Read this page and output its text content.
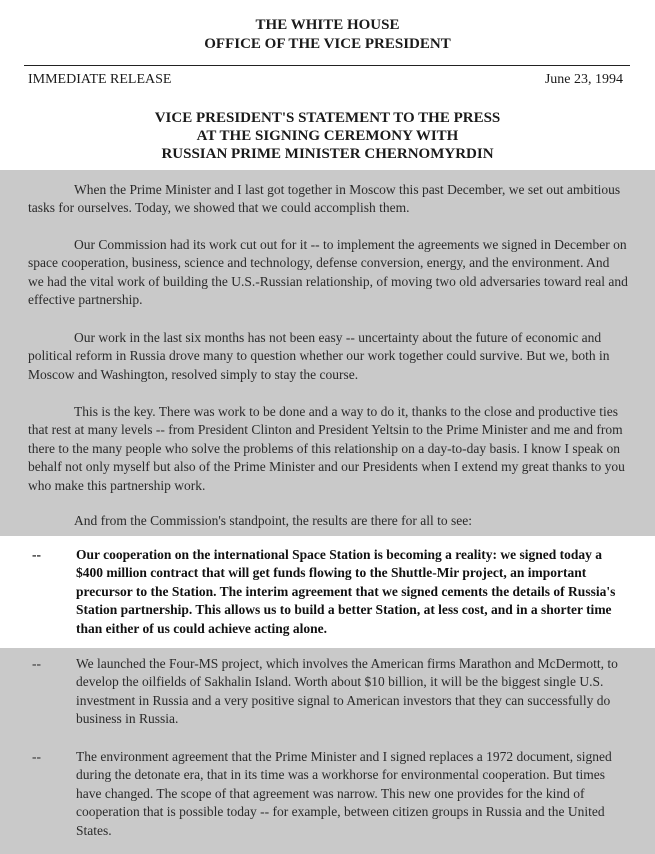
THE WHITE HOUSE
OFFICE OF THE VICE PRESIDENT
IMMEDIATE RELEASE	June 23, 1994
VICE PRESIDENT'S STATEMENT TO THE PRESS
AT THE SIGNING CEREMONY WITH
RUSSIAN PRIME MINISTER CHERNOMYRDIN
When the Prime Minister and I last got together in Moscow this past December, we set out ambitious tasks for ourselves. Today, we showed that we could accomplish them.
Our Commission had its work cut out for it -- to implement the agreements we signed in December on space cooperation, business, science and technology, defense conversion, energy, and the environment. And we had the vital work of building the U.S.-Russian relationship, of moving two old adversaries toward real and effective partnership.
Our work in the last six months has not been easy -- uncertainty about the future of economic and political reform in Russia drove many to question whether our work together could survive. But we, both in Moscow and Washington, resolved simply to stay the course.
This is the key. There was work to be done and a way to do it, thanks to the close and productive ties that rest at many levels -- from President Clinton and President Yeltsin to the Prime Minister and me and from there to the many people who solve the problems of this relationship on a day-to-day basis. I know I speak on behalf not only myself but also of the Prime Minister and our Presidents when I extend my great thanks to you who make this partnership work.
And from the Commission's standpoint, the results are there for all to see:
--	Our cooperation on the international Space Station is becoming a reality: we signed today a $400 million contract that will get funds flowing to the Shuttle-Mir project, an important precursor to the Station. The interim agreement that we signed cements the details of Russia's Station partnership. This allows us to build a better Station, at less cost, and in a shorter time than either of us could achieve acting alone.
--	We launched the Four-MS project, which involves the American firms Marathon and McDermott, to develop the oilfields of Sakhalin Island. Worth about $10 billion, it will be the biggest single U.S. investment in Russia and a very positive signal to American investors that they can successfully do business in Russia.
--	The environment agreement that the Prime Minister and I signed replaces a 1972 document, signed during the detonate era, that in its time was a workhorse for environmental cooperation. But times have changed. The scope of that agreement was narrow. This new one provides for the kind of cooperation that is possible today -- for example, between citizen groups in Russia and the United States.
